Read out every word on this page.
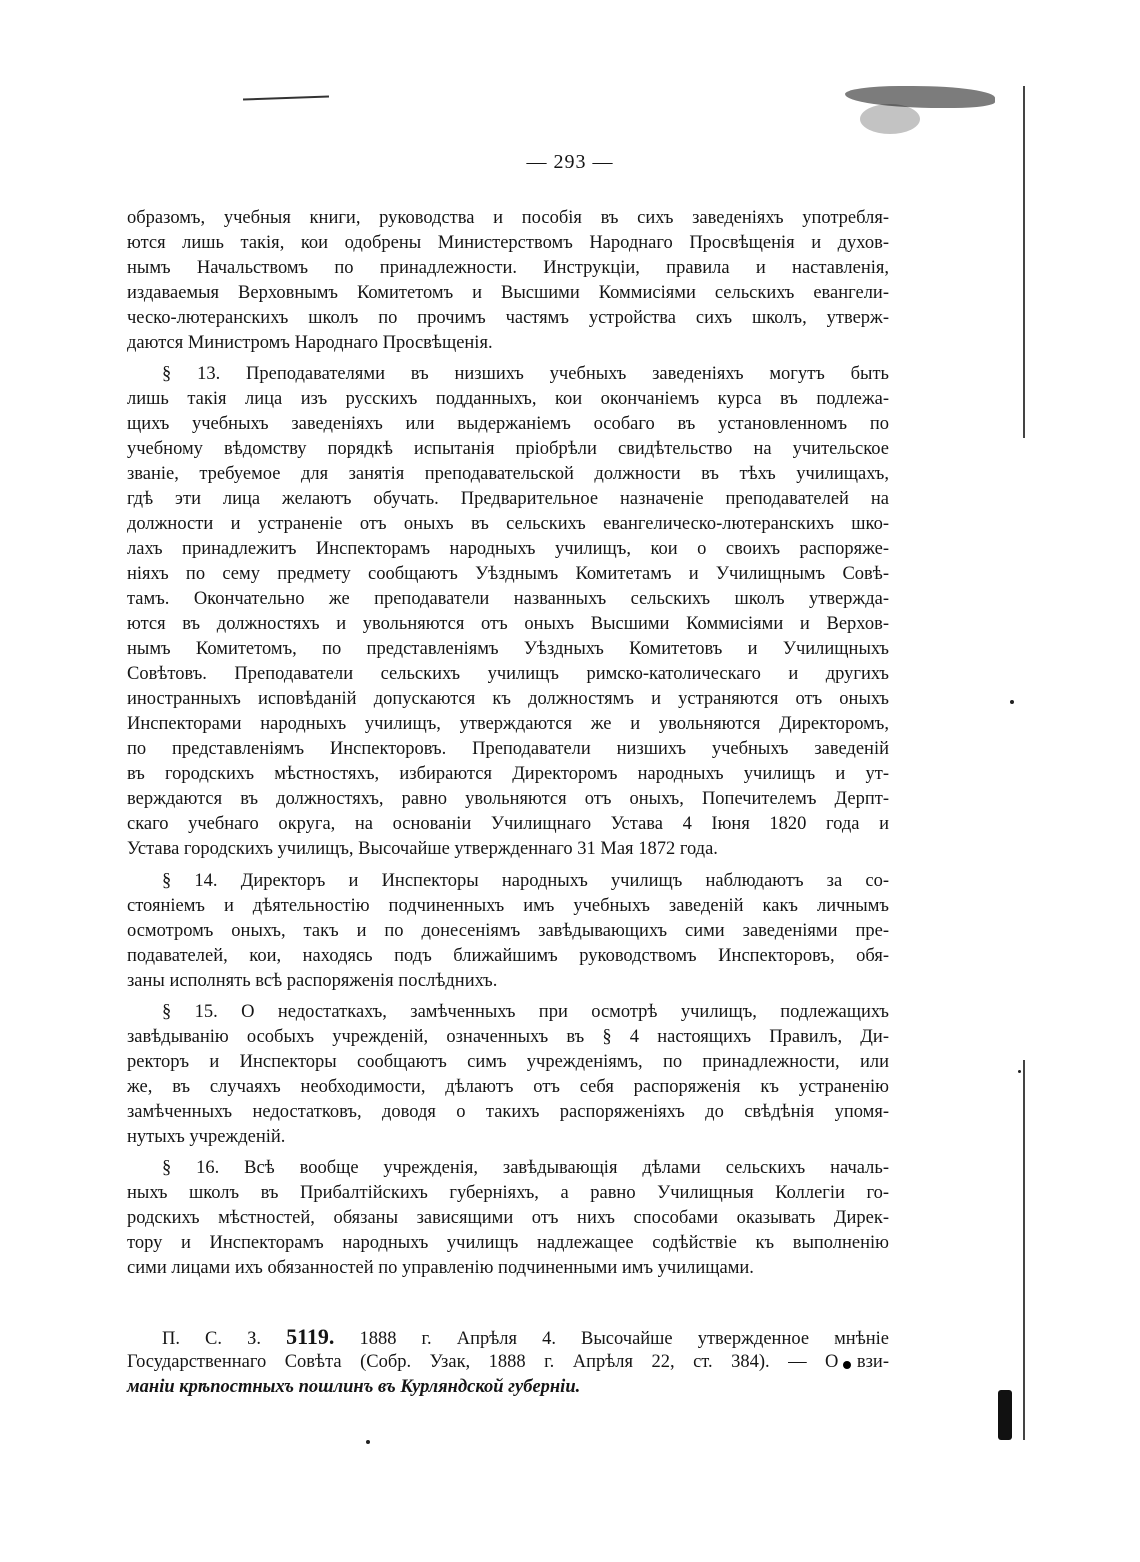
— 293 —
образомъ, учебныя книги, руководства и пособія въ сихъ заведеніяхъ употребля-
ются лишь такія, кои одобрены Министерствомъ Народнаго Просвѣщенія и духов-
нымъ Начальствомъ по принадлежности. Инструкціи, правила и наставленія,
издаваемыя Верховнымъ Комитетомъ и Высшими Коммисіями сельскихъ евангели-
ческо-лютеранскихъ школъ по прочимъ частямъ устройства сихъ школъ, утверж-
даются Министромъ Народнаго Просвѣщенія.
§ 13. Преподавателями въ низшихъ учебныхъ заведеніяхъ могутъ быть
лишь такія лица изъ русскихъ подданныхъ, кои окончаніемъ курса въ подлежа-
щихъ учебныхъ заведеніяхъ или выдержаніемъ особаго въ установленномъ по
учебному вѣдомству порядкѣ испытанія пріобрѣли свидѣтельство на учительское
званіе, требуемое для занятія преподавательской должности въ тѣхъ училищахъ,
гдѣ эти лица желаютъ обучать. Предварительное назначеніе преподавателей на
должности и устраненіе отъ оныхъ въ сельскихъ евангелическо-лютеранскихъ шко-
лахъ принадлежитъ Инспекторамъ народныхъ училищъ, кои о своихъ распоряже-
ніяхъ по сему предмету сообщаютъ Уѣзднымъ Комитетамъ и Училищнымъ Совѣ-
тамъ. Окончательно же преподаватели названныхъ сельскихъ школъ утвержда-
ются въ должностяхъ и увольняются отъ оныхъ Высшими Коммисіями и Верхов-
нымъ Комитетомъ, по представленіямъ Уѣздныхъ Комитетовъ и Училищныхъ
Совѣтовъ. Преподаватели сельскихъ училищъ римско-католическаго и другихъ
иностранныхъ исповѣданій допускаются къ должностямъ и устраняются отъ оныхъ
Инспекторами народныхъ училищъ, утверждаются же и увольняются Директоромъ,
по представленіямъ Инспекторовъ. Преподаватели низшихъ учебныхъ заведеній
въ городскихъ мѣстностяхъ, избираются Директоромъ народныхъ училищъ и ут-
верждаются въ должностяхъ, равно увольняются отъ оныхъ, Попечителемъ Дерпт-
скаго учебнаго округа, на основаніи Училищнаго Устава 4 Іюня 1820 года и
Устава городскихъ училищъ, Высочайше утвержденнаго 31 Мая 1872 года.
§ 14. Директоръ и Инспекторы народныхъ училищъ наблюдаютъ за со-
стояніемъ и дѣятельностію подчиненныхъ имъ учебныхъ заведеній какъ личнымъ
осмотромъ оныхъ, такъ и по донесеніямъ завѣдывающихъ сими заведеніями пре-
подавателей, кои, находясь подъ ближайшимъ руководствомъ Инспекторовъ, обя-
заны исполнять всѣ распоряженія послѣднихъ.
§ 15. О недостаткахъ, замѣченныхъ при осмотрѣ училищъ, подлежащихъ
завѣдыванію особыхъ учрежденій, означенныхъ въ § 4 настоящихъ Правилъ, Ди-
ректоръ и Инспекторы сообщаютъ симъ учрежденіямъ, по принадлежности, или
же, въ случаяхъ необходимости, дѣлаютъ отъ себя распоряженія къ устраненію
замѣченныхъ недостатковъ, доводя о такихъ распоряженіяхъ до свѣдѣнія упомя-
нутыхъ учрежденій.
§ 16. Всѣ вообще учрежденія, завѣдывающія дѣлами сельскихъ началь-
ныхъ школъ въ Прибалтійскихъ губерніяхъ, а равно Училищныя Коллегіи го-
родскихъ мѣстностей, обязаны зависящими отъ нихъ способами оказывать Дирек-
тору и Инспекторамъ народныхъ училищъ надлежащее содѣйствіе къ выполненію
сими лицами ихъ обязанностей по управленію подчиненными имъ училищами.
П. С. З. 5119. 1888 г. Апрѣля 4. Высочайше утвержденное мнѣніе
Государственнаго Совѣта (Собр. Узак, 1888 г. Апрѣля 22, ст. 384). — О взи-
маніи крѣпостныхъ пошлинъ въ Курляндской губерніи.
